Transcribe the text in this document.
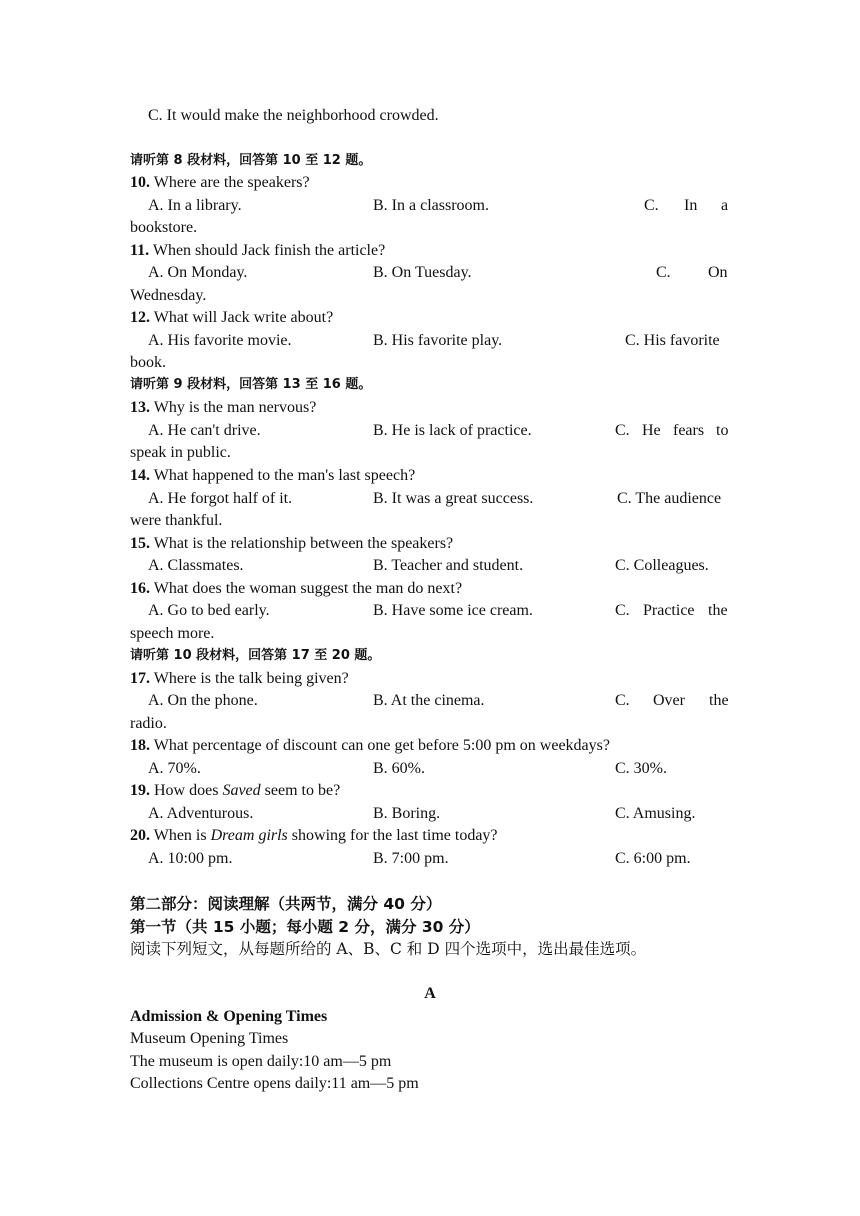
C. It would make the neighborhood crowded.
请听第 8 段材料，回答第 10 至 12 题。
10. Where are the speakers?
A. In a library.	B. In a classroom.	C. In a
bookstore.
11. When should Jack finish the article?
A. On Monday.	B. On Tuesday.	C. On
Wednesday.
12. What will Jack write about?
A. His favorite movie.	B. His favorite play.	C. His favorite
book.
请听第 9 段材料，回答第 13 至 16 题。
13. Why is the man nervous?
A. He can't drive.	B. He is lack of practice.	C. He fears to
speak in public.
14. What happened to the man's last speech?
A. He forgot half of it.	B. It was a great success.	C. The audience
were thankful.
15. What is the relationship between the speakers?
A. Classmates.	B. Teacher and student.	C. Colleagues.
16. What does the woman suggest the man do next?
A. Go to bed early.	B. Have some ice cream.	C. Practice the
speech more.
请听第 10 段材料，回答第 17 至 20 题。
17. Where is the talk being given?
A. On the phone.	B. At the cinema.	C. Over the
radio.
18. What percentage of discount can one get before 5:00 pm on weekdays?
A. 70%.	B. 60%.	C. 30%.
19. How does Saved seem to be?
A. Adventurous.	B. Boring.	C. Amusing.
20. When is Dream girls showing for the last time today?
A. 10:00 pm.	B. 7:00 pm.	C. 6:00 pm.
第二部分：阅读理解（共两节，满分 40 分）
第一节（共 15 小题；每小题 2 分，满分 30 分）
阅读下列短文，从每题所给的 A、B、C 和 D 四个选项中，选出最佳选项。
A
Admission & Opening Times
Museum Opening Times
The museum is open daily:10 am—5 pm
Collections Centre opens daily:11 am—5 pm
